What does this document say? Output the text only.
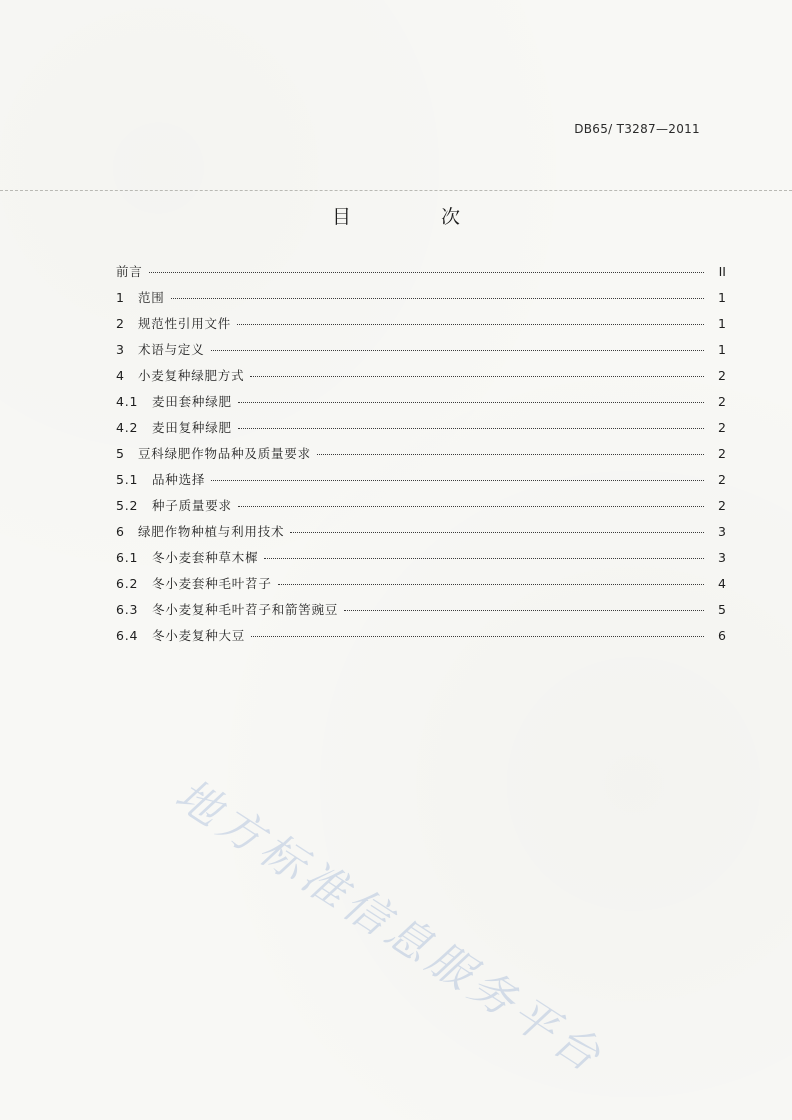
DB65/ T3287—2011
目 次
前言	II
1 范围	1
2 规范性引用文件	1
3 术语与定义	1
4 小麦复种绿肥方式	2
4.1 麦田套种绿肥	2
4.2 麦田复种绿肥	2
5 豆科绿肥作物品种及质量要求	2
5.1 品种选择	2
5.2 种子质量要求	2
6 绿肥作物种植与利用技术	3
6.1 冬小麦套种草木樨	3
6.2 冬小麦套种毛叶苕子	4
6.3 冬小麦复种毛叶苕子和箭筈豌豆	5
6.4 冬小麦复种大豆	6
地方标准信息服务平台
